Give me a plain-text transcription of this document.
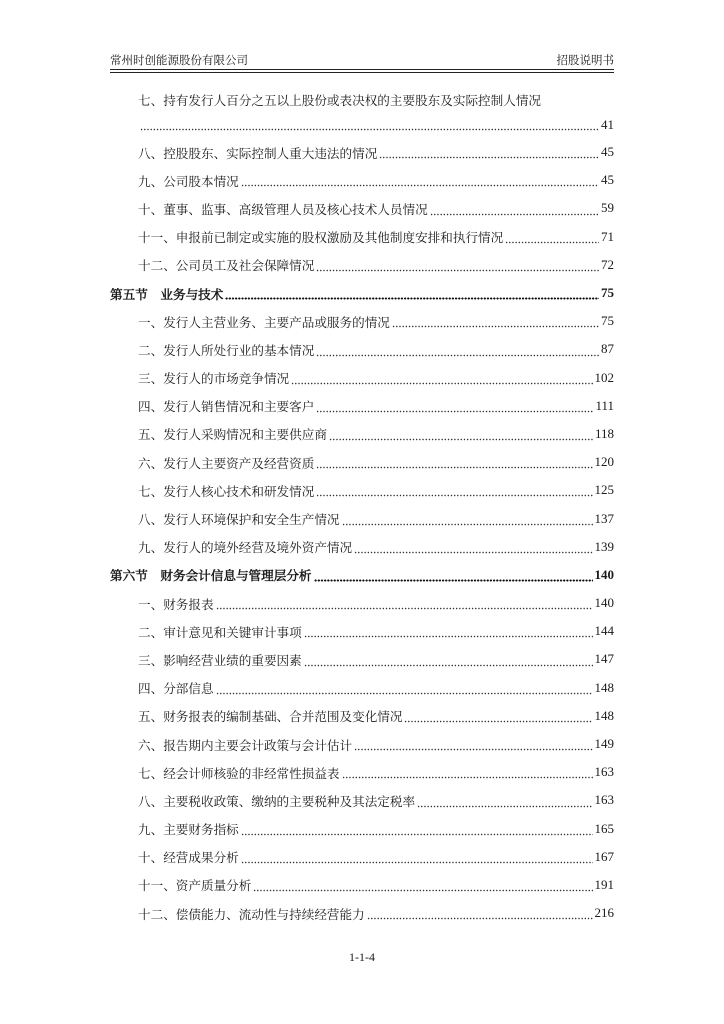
常州时创能源股份有限公司	招股说明书
七、持有发行人百分之五以上股份或表决权的主要股东及实际控制人情况
41
八、控股股东、实际控制人重大违法的情况	45
九、公司股本情况	45
十、董事、监事、高级管理人员及核心技术人员情况	59
十一、申报前已制定或实施的股权激励及其他制度安排和执行情况	71
十二、公司员工及社会保障情况	72
第五节　业务与技术	75
一、发行人主营业务、主要产品或服务的情况	75
二、发行人所处行业的基本情况	87
三、发行人的市场竞争情况	102
四、发行人销售情况和主要客户	111
五、发行人采购情况和主要供应商	118
六、发行人主要资产及经营资质	120
七、发行人核心技术和研发情况	125
八、发行人环境保护和安全生产情况	137
九、发行人的境外经营及境外资产情况	139
第六节　财务会计信息与管理层分析	140
一、财务报表	140
二、审计意见和关键审计事项	144
三、影响经营业绩的重要因素	147
四、分部信息	148
五、财务报表的编制基础、合并范围及变化情况	148
六、报告期内主要会计政策与会计估计	149
七、经会计师核验的非经常性损益表	163
八、主要税收政策、缴纳的主要税种及其法定税率	163
九、主要财务指标	165
十、经营成果分析	167
十一、资产质量分析	191
十二、偿债能力、流动性与持续经营能力	216
1-1-4
